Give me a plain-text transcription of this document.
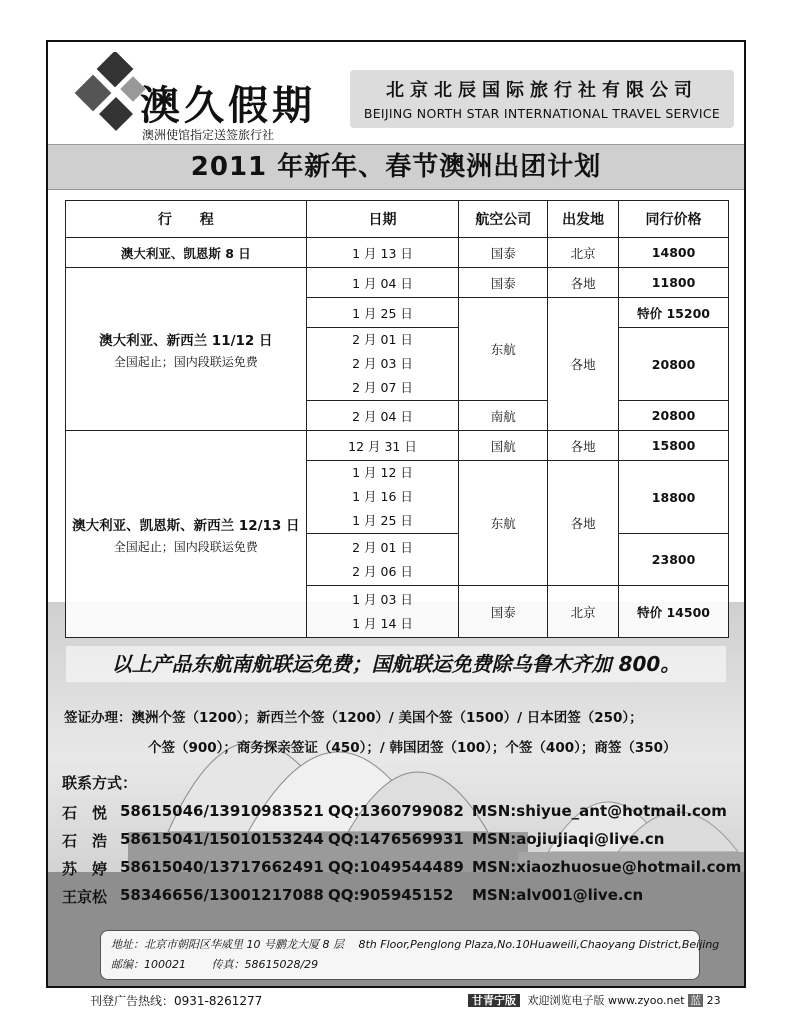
澳久假期
澳洲使馆指定送签旅行社
北京北辰国际旅行社有限公司
BEIJING NORTH STAR INTERNATIONAL TRAVEL SERVICE
2011 年新年、春节澳洲出团计划
行　　程	日期	航空公司	出发地	同行价格
澳大利亚、凯恩斯 8 日	1 月 13 日	国泰	北京	14800

澳大利亚、新西兰 11/12 日
全国起止；国内段联运免费	1 月 04 日	国泰	各地	11800
	1 月 25 日	东航	各地	特价 15200

	2 月 01 日
2 月 03 日
2 月 07 日			20800
	2 月 04 日	南航		20800

澳大利亚、凯恩斯、新西兰 12/13 日
全国起止；国内段联运免费	12 月 31 日	国航	各地	15800

	1 月 12 日
1 月 16 日
1 月 25 日	东航	各地	18800

	2 月 01 日
2 月 06 日			23800

	1 月 03 日
1 月 14 日	国泰	北京	特价 14500
以上产品东航南航联运免费；国航联运免费除乌鲁木齐加 800。
签证办理：澳洲个签（1200）；新西兰个签（1200）/ 美国个签（1500）/ 日本团签（250）；
个签（900）；商务探亲签证（450）；/ 韩国团签（100）；个签（400）；商签（350）
联系方式：
石　悦 58615046/13910983521 QQ:1360799082 MSN:shiyue_ant@hotmail.com
石　浩 58615041/15010153244 QQ:1476569931 MSN:aojiujiaqi@live.cn
苏　婷 58615040/13717662491 QQ:1049544489 MSN:xiaozhuosue@hotmail.com
王京松 58346656/13001217088 QQ:905945152 MSN:alv001@live.cn
地址：北京市朝阳区华威里 10 号鹏龙大厦 8 层　 8th Floor,Penglong Plaza,No.10Huaweili,Chaoyang District,Beijing
邮编：100021　　 传真：58615028/29
刊登广告热线：0931-8261277	甘青宁版 欢迎浏览电子版 www.zyoo.net 蓝 23
